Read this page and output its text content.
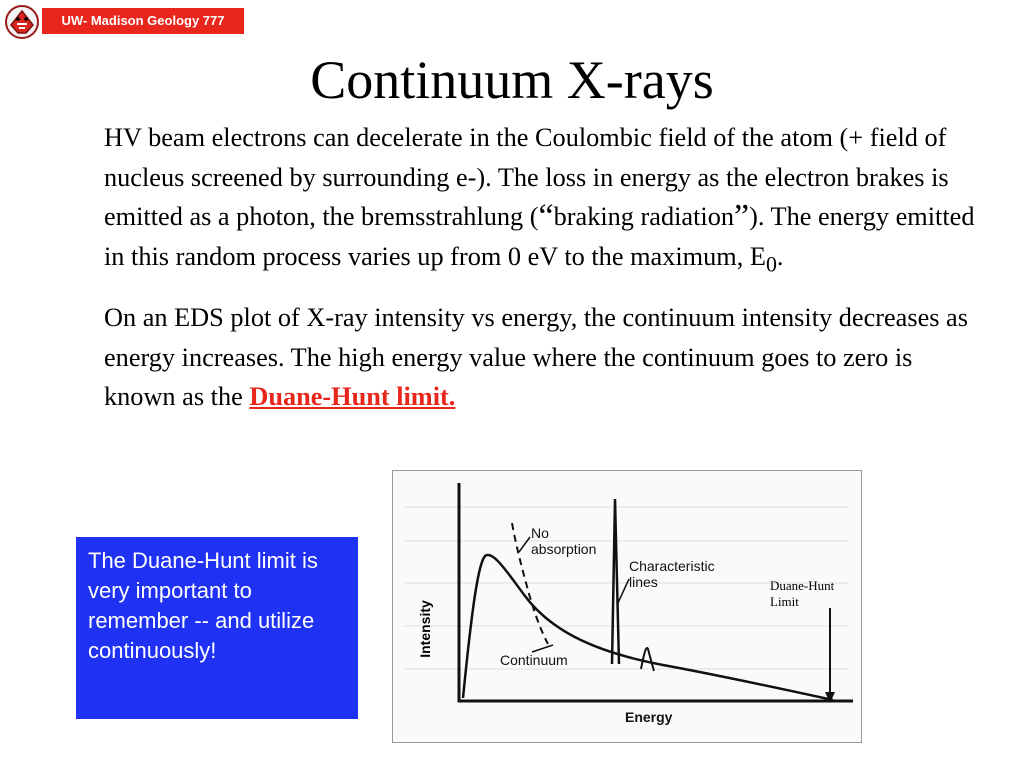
UW- Madison Geology 777
Continuum X-rays

HV beam electrons can decelerate in the Coulombic field of the atom (+ field of nucleus screened by surrounding e-). The loss in energy as the electron brakes is emitted as a photon, the bremsstrahlung (“braking radiation”). The energy emitted in this random process varies up from 0 eV to the maximum, $E_0$.

On an EDS plot of X-ray intensity vs energy, the continuum intensity decreases as energy increases. The high energy value where the continuum goes to zero is known as the Duane-Hunt limit.

The Duane-Hunt limit is very important to remember -- and utilize continuously!	Intensity
No
absorption
Characteristic
lines
Continuum
Energy
Duane-Hunt
Limit
